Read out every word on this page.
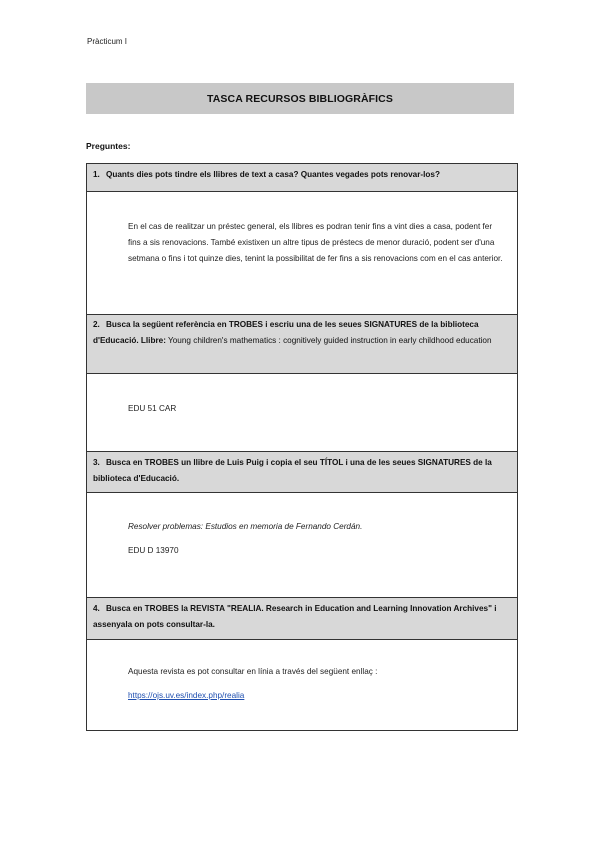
Pràcticum I
TASCA RECURSOS BIBLIOGRÀFICS
Preguntes:
1. Quants dies pots tindre els llibres de text a casa? Quantes vegades pots renovar-los?
En el cas de realitzar un préstec general, els llibres es podran tenir fins a vint dies a casa, podent fer fins a sis renovacions. També existixen un altre tipus de préstecs de menor duració, podent ser d'una setmana o fins i tot quinze dies, tenint la possibilitat de fer fins a sis renovacions com en el cas anterior.
2. Busca la següent referència en TROBES i escriu una de les seues SIGNATURES de la biblioteca d'Educació. Llibre: Young children's mathematics : cognitively guided instruction in early childhood education
EDU 51 CAR
3. Busca en TROBES un llibre de Luis Puig i copia el seu TÍTOL i una de les seues SIGNATURES de la biblioteca d'Educació.
Resolver problemas: Estudios en memoria de Fernando Cerdán.
EDU D 13970
4. Busca en TROBES la REVISTA "REALIA. Research in Education and Learning Innovation Archives" i assenyala on pots consultar-la.
Aquesta revista es pot consultar en línia a través del següent enllaç :
https://ojs.uv.es/index.php/realia
